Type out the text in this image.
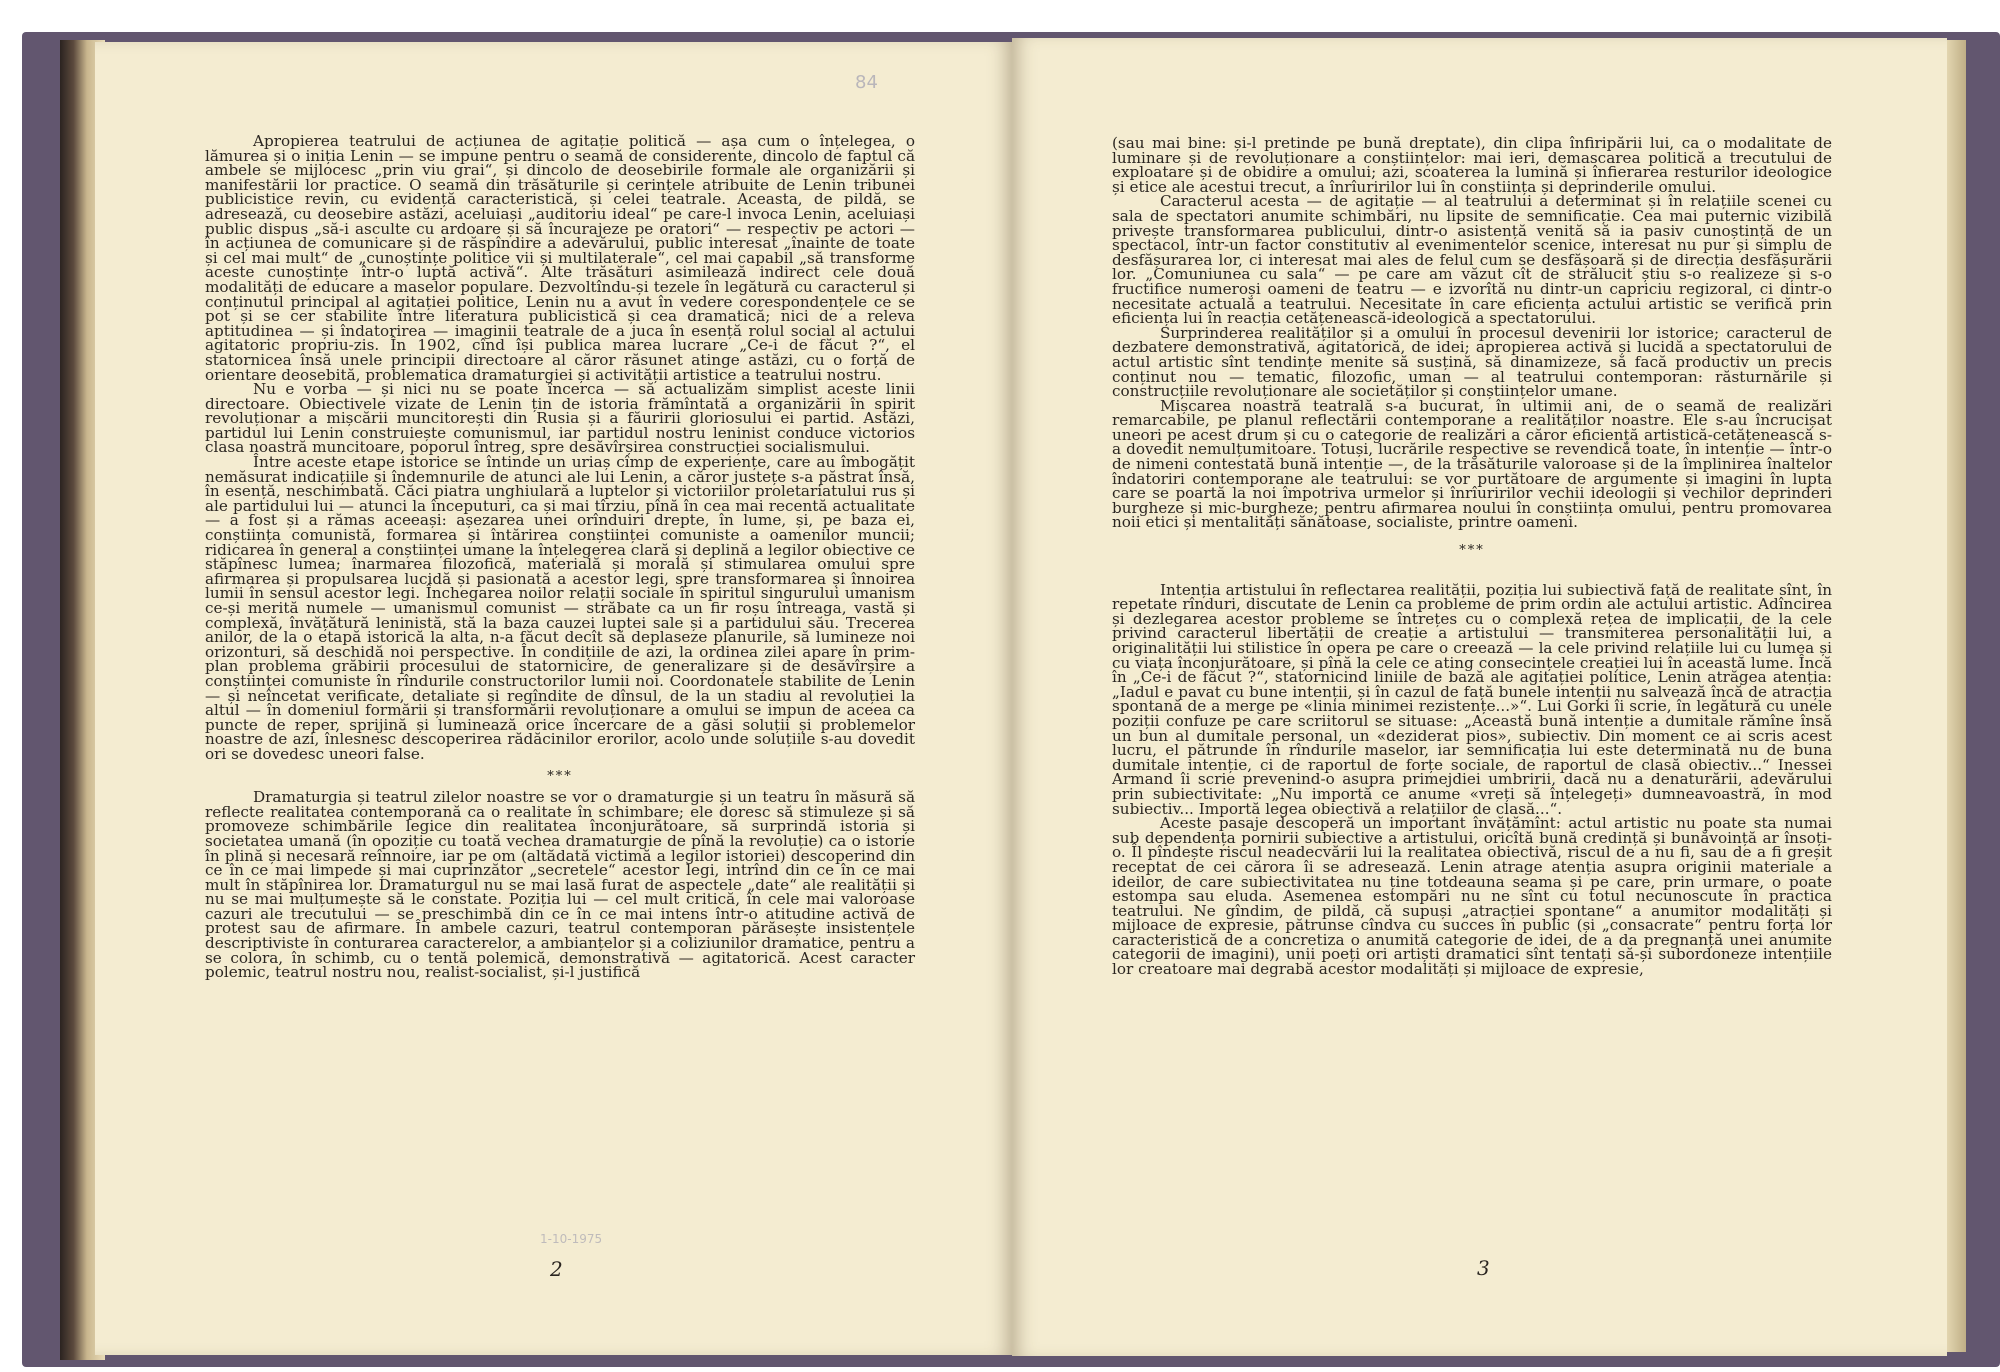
84

Apropierea teatrului de acțiunea de agitație politică — așa cum o înțelegea, o lămurea și o iniția Lenin — se impune pentru o seamă de considerente, dincolo de faptul că ambele se mijlocesc „prin viu grai“, și dincolo de deosebirile formale ale organizării și manifestării lor practice. O seamă din trăsăturile și cerințele atribuite de Lenin tribunei publicistice revin, cu evidență caracteristică, și celei teatrale. Aceasta, de pildă, se adresează, cu deosebire astăzi, aceluiași „auditoriu ideal“ pe care-l invoca Lenin, aceluiași public dispus „să-i asculte cu ardoare și să încurajeze pe oratori“ — respectiv pe actori — în acțiunea de comunicare și de răspîndire a adevărului, public interesat „înainte de toate și cel mai mult“ de „cunoștințe politice vii și multilaterale“, cel mai capabil „să transforme aceste cunoștințe într-o luptă activă“. Alte trăsături asimilează indirect cele două modalități de educare a maselor populare. Dezvoltîndu-și tezele în legătură cu caracterul și conținutul principal al agitației politice, Lenin nu a avut în vedere corespondențele ce se pot și se cer stabilite între literatura publicistică și cea dramatică; nici de a releva aptitudinea — și îndatorirea — imaginii teatrale de a juca în esență rolul social al actului agitatoric propriu-zis. În 1902, cînd își publica marea lucrare „Ce-i de făcut ?“, el statornicea însă unele principii directoare al căror răsunet atinge astăzi, cu o forță de orientare deosebită, problematica dramaturgiei și activității artistice a teatrului nostru.

Nu e vorba — și nici nu se poate încerca — să actualizăm simplist aceste linii directoare. Obiectivele vizate de Lenin țin de istoria frămîntată a organizării în spirit revoluționar a mișcării muncitorești din Rusia și a făuririi gloriosului ei partid. Astăzi, partidul lui Lenin construiește comunismul, iar partidul nostru leninist conduce victorios clasa noastră muncitoare, poporul întreg, spre desăvîrșirea construcției socialismului.

Între aceste etape istorice se întinde un uriaș cîmp de experiențe, care au îmbogățit nemăsurat indicațiile și îndemnurile de atunci ale lui Lenin, a căror justețe s-a păstrat însă, în esență, neschimbată. Căci piatra unghiulară a luptelor și victoriilor proletariatului rus și ale partidului lui — atunci la începuturi, ca și mai tîrziu, pînă în cea mai recentă actualitate — a fost și a rămas aceeași: așezarea unei orînduiri drepte, în lume, și, pe baza ei, conștiința comunistă, formarea și întărirea conștiinței comuniste a oamenilor muncii; ridicarea în general a conștiinței umane la înțelegerea clară și deplină a legilor obiective ce stăpînesc lumea; înarmarea filozofică, materială și morală și stimularea omului spre afirmarea și propulsarea lucidă și pasionată a acestor legi, spre transformarea și înnoirea lumii în sensul acestor legi. Închegarea noilor relații sociale în spiritul singurului umanism ce-și merită numele — umanismul comunist — străbate ca un fir roșu întreaga, vastă și complexă, învățătură leninistă, stă la baza cauzei luptei sale și a partidului său. Trecerea anilor, de la o etapă istorică la alta, n-a făcut decît să deplaseze planurile, să lumineze noi orizonturi, să deschidă noi perspective. În condițiile de azi, la ordinea zilei apare în prim-plan problema grăbirii procesului de statornicire, de generalizare și de desăvîrșire a conștiinței comuniste în rîndurile constructorilor lumii noi. Coordonatele stabilite de Lenin — și neîncetat verificate, detaliate și regîndite de dînsul, de la un stadiu al revoluției la altul — în domeniul formării și transformării revoluționare a omului se impun de aceea ca puncte de reper, sprijină și luminează orice încercare de a găsi soluții și problemelor noastre de azi, înlesnesc descoperirea rădăcinilor erorilor, acolo unde soluțiile s-au dovedit ori se dovedesc uneori false.

***

Dramaturgia și teatrul zilelor noastre se vor o dramaturgie și un teatru în măsură să reflecte realitatea contemporană ca o realitate în schimbare; ele doresc să stimuleze și să promoveze schimbările legice din realitatea înconjurătoare, să surprindă istoria și societatea umană (în opoziție cu toată vechea dramaturgie de pînă la revoluție) ca o istorie în plină și necesară reînnoire, iar pe om (altădată victimă a legilor istoriei) descoperind din ce în ce mai limpede și mai cuprinzător „secretele“ acestor legi, intrînd din ce în ce mai mult în stăpînirea lor. Dramaturgul nu se mai lasă furat de aspectele „date“ ale realității și nu se mai mulțumește să le constate. Poziția lui — cel mult critică, în cele mai valoroase cazuri ale trecutului — se preschimbă din ce în ce mai intens într-o atitudine activă de protest sau de afirmare. În ambele cazuri, teatrul contemporan părăsește insistențele descriptiviste în conturarea caracterelor, a ambianțelor și a coliziunilor dramatice, pentru a se colora, în schimb, cu o tentă polemică, demonstrativă — agitatorică. Acest caracter polemic, teatrul nostru nou, realist-socialist, și-l justifică

1-10-1975
2

(sau mai bine: și-l pretinde pe bună dreptate), din clipa înfiripării lui, ca o modalitate de luminare și de revoluționare a conștiințelor: mai ieri, demascarea politică a trecutului de exploatare și de obidire a omului; azi, scoaterea la lumină și înfierarea resturilor ideologice și etice ale acestui trecut, a înrîuririlor lui în conștiința și deprinderile omului.

Caracterul acesta — de agitație — al teatrului a determinat și în relațiile scenei cu sala de spectatori anumite schimbări, nu lipsite de semnificație. Cea mai puternic vizibilă privește transformarea publicului, dintr-o asistență venită să ia pasiv cunoștință de un spectacol, într-un factor constitutiv al evenimentelor scenice, interesat nu pur și simplu de desfășurarea lor, ci interesat mai ales de felul cum se desfășoară și de direcția desfășurării lor. „Comuniunea cu sala“ — pe care am văzut cît de strălucit știu s-o realizeze și s-o fructifice numeroși oameni de teatru — e izvorîtă nu dintr-un capriciu regizoral, ci dintr-o necesitate actuală a teatrului. Necesitate în care eficiența actului artistic se verifică prin eficiența lui în reacția cetățenească-ideologică a spectatorului.

Surprinderea realităților și a omului în procesul devenirii lor istorice; caracterul de dezbatere demonstrativă, agitatorică, de idei; apropierea activă și lucidă a spectatorului de actul artistic sînt tendințe menite să susțină, să dinamizeze, să facă productiv un precis conținut nou — tematic, filozofic, uman — al teatrului contemporan: răsturnările și construcțiile revoluționare ale societăților și conștiințelor umane.

Mișcarea noastră teatrală s-a bucurat, în ultimii ani, de o seamă de realizări remarcabile, pe planul reflectării contemporane a realităților noastre. Ele s-au încrucișat uneori pe acest drum și cu o categorie de realizări a căror eficiență artistică-cetățenească s-a dovedit nemulțumitoare. Totuși, lucrările respective se revendică toate, în intenție — într-o de nimeni contestată bună intenție —, de la trăsăturile valoroase și de la împlinirea înaltelor îndatoriri contemporane ale teatrului: se vor purtătoare de argumente și imagini în lupta care se poartă la noi împotriva urmelor și înrîuririlor vechii ideologii și vechilor deprinderi burgheze și mic-burgheze; pentru afirmarea noului în conștiința omului, pentru promovarea noii etici și mentalități sănătoase, socialiste, printre oameni.

***

Intenția artistului în reflectarea realității, poziția lui subiectivă față de realitate sînt, în repetate rînduri, discutate de Lenin ca probleme de prim ordin ale actului artistic. Adîncirea și dezlegarea acestor probleme se întrețes cu o complexă rețea de implicații, de la cele privind caracterul libertății de creație a artistului — transmiterea personalității lui, a originalității lui stilistice în opera pe care o creează — la cele privind relațiile lui cu lumea și cu viața înconjurătoare, și pînă la cele ce ating consecințele creației lui în această lume. Încă în „Ce-i de făcut ?“, statornicind liniile de bază ale agitației politice, Lenin atrăgea atenția: „Iadul e pavat cu bune intenții, și în cazul de față bunele intenții nu salvează încă de atracția spontană de a merge pe «linia minimei rezistențe...»“. Lui Gorki îi scrie, în legătură cu unele poziții confuze pe care scriitorul se situase: „Această bună intenție a dumitale rămîne însă un bun al dumitale personal, un «deziderat pios», subiectiv. Din moment ce ai scris acest lucru, el pătrunde în rîndurile maselor, iar semnificația lui este determinată nu de buna dumitale intenție, ci de raportul de forțe sociale, de raportul de clasă obiectiv...“ Inessei Armand îi scrie prevenind-o asupra primejdiei umbririi, dacă nu a denaturării, adevărului prin subiectivitate: „Nu importă ce anume «vreți să înțelegeți» dumneavoastră, în mod subiectiv... Importă legea obiectivă a relațiilor de clasă...“.

Aceste pasaje descoperă un important învățămînt: actul artistic nu poate sta numai sub dependența pornirii subiective a artistului, oricîtă bună credință și bunăvoință ar însoți-o. Îl pîndește riscul neadecvării lui la realitatea obiectivă, riscul de a nu fi, sau de a fi greșit receptat de cei cărora îi se adresează. Lenin atrage atenția asupra originii materiale a ideilor, de care subiectivitatea nu ține totdeauna seama și pe care, prin urmare, o poate estompa sau eluda. Asemenea estompări nu ne sînt cu totul necunoscute în practica teatrului. Ne gîndim, de pildă, că supuși „atracției spontane“ a anumitor modalități și mijloace de expresie, pătrunse cîndva cu succes în public (și „consacrate“ pentru forța lor caracteristică de a concretiza o anumită categorie de idei, de a da pregnanță unei anumite categorii de imagini), unii poeți ori artiști dramatici sînt tentați să-și subordoneze intențiile lor creatoare mai degrabă acestor modalități și mijloace de expresie,

3
